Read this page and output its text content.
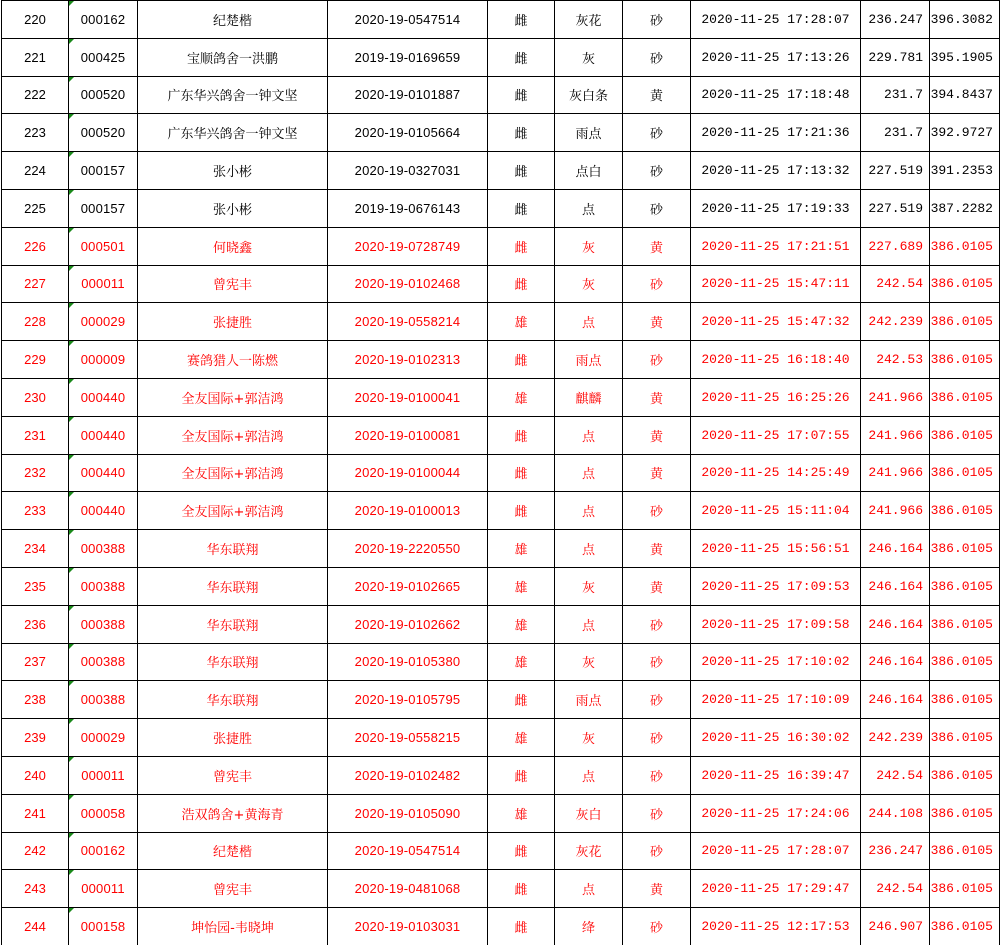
220	000162	纪楚楷	2020-19-0547514	雌	灰花	砂	2020-11-25 17:28:07	236.247	396.3082
221	000425	宝顺鸽舍一洪鹏	2019-19-0169659	雌	灰	砂	2020-11-25 17:13:26	229.781	395.1905
222	000520	广东华兴鸽舍一钟文坚	2020-19-0101887	雌	灰白条	黄	2020-11-25 17:18:48	231.7	394.8437
223	000520	广东华兴鸽舍一钟文坚	2020-19-0105664	雌	雨点	砂	2020-11-25 17:21:36	231.7	392.9727
224	000157	张小彬	2020-19-0327031	雌	点白	砂	2020-11-25 17:13:32	227.519	391.2353
225	000157	张小彬	2019-19-0676143	雌	点	砂	2020-11-25 17:19:33	227.519	387.2282
226	000501	何晓鑫	2020-19-0728749	雌	灰	黄	2020-11-25 17:21:51	227.689	386.0105
227	000011	曾宪丰	2020-19-0102468	雌	灰	砂	2020-11-25 15:47:11	242.54	386.0105
228	000029	张捷胜	2020-19-0558214	雄	点	黄	2020-11-25 15:47:32	242.239	386.0105
229	000009	赛鸽猎人一陈燃	2020-19-0102313	雌	雨点	砂	2020-11-25 16:18:40	242.53	386.0105
230	000440	全友国际+郭洁鸿	2020-19-0100041	雄	麒麟	黄	2020-11-25 16:25:26	241.966	386.0105
231	000440	全友国际+郭洁鸿	2020-19-0100081	雌	点	黄	2020-11-25 17:07:55	241.966	386.0105
232	000440	全友国际+郭洁鸿	2020-19-0100044	雌	点	黄	2020-11-25 14:25:49	241.966	386.0105
233	000440	全友国际+郭洁鸿	2020-19-0100013	雌	点	砂	2020-11-25 15:11:04	241.966	386.0105
234	000388	华东联翔	2020-19-2220550	雄	点	黄	2020-11-25 15:56:51	246.164	386.0105
235	000388	华东联翔	2020-19-0102665	雄	灰	黄	2020-11-25 17:09:53	246.164	386.0105
236	000388	华东联翔	2020-19-0102662	雄	点	砂	2020-11-25 17:09:58	246.164	386.0105
237	000388	华东联翔	2020-19-0105380	雄	灰	砂	2020-11-25 17:10:02	246.164	386.0105
238	000388	华东联翔	2020-19-0105795	雌	雨点	砂	2020-11-25 17:10:09	246.164	386.0105
239	000029	张捷胜	2020-19-0558215	雄	灰	砂	2020-11-25 16:30:02	242.239	386.0105
240	000011	曾宪丰	2020-19-0102482	雌	点	砂	2020-11-25 16:39:47	242.54	386.0105
241	000058	浩双鸽舍+黄海青	2020-19-0105090	雄	灰白	砂	2020-11-25 17:24:06	244.108	386.0105
242	000162	纪楚楷	2020-19-0547514	雌	灰花	砂	2020-11-25 17:28:07	236.247	386.0105
243	000011	曾宪丰	2020-19-0481068	雌	点	黄	2020-11-25 17:29:47	242.54	386.0105
244	000158	坤怡园-韦晓坤	2020-19-0103031	雌	绛	砂	2020-11-25 12:17:53	246.907	386.0105
